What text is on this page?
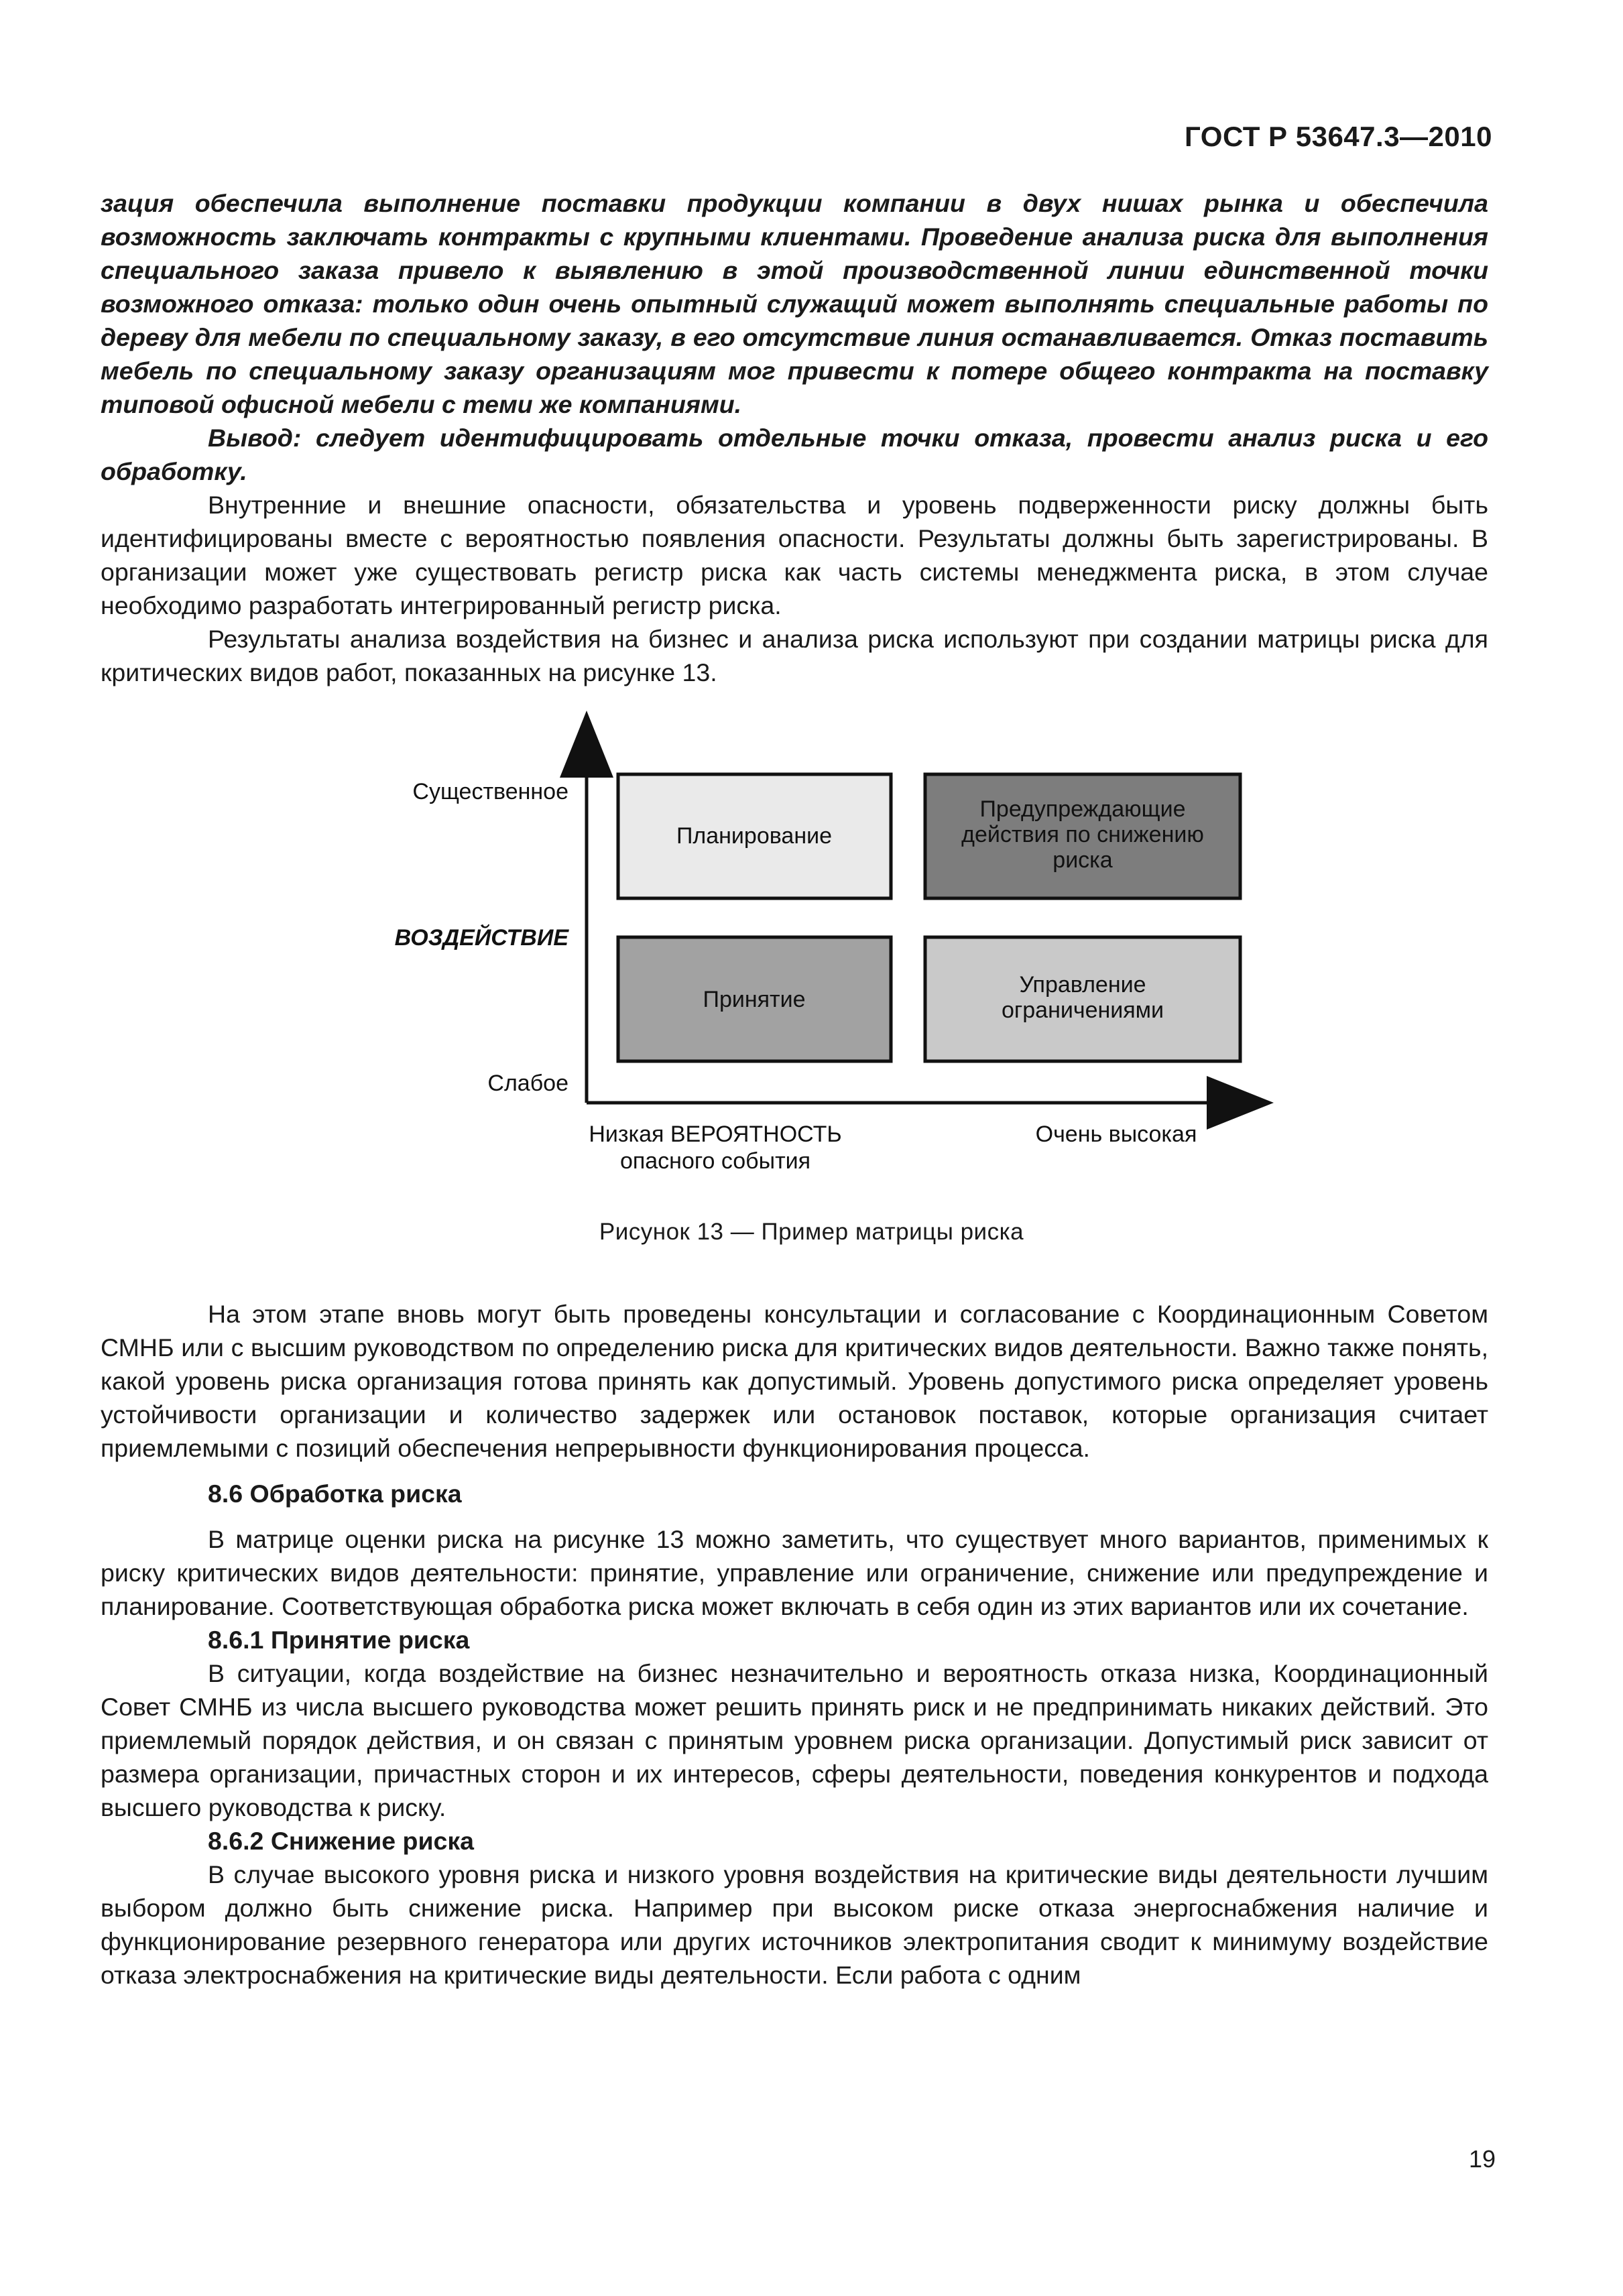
ГОСТ Р 53647.3—2010

зация обеспечила выполнение поставки продукции компании в двух нишах рынка и обеспечила возможность заключать контракты с крупными клиентами. Проведение анализа риска для выполнения специального заказа привело к выявлению в этой производственной линии единственной точки возможного отказа: только один очень опытный служащий может выполнять специальные работы по дереву для мебели по специальному заказу, в его отсутствие линия останавливается. Отказ поставить мебель по специальному заказу организациям мог привести к потере общего контракта на поставку типовой офисной мебели с теми же компаниями.

Вывод: следует идентифицировать отдельные точки отказа, провести анализ риска и его обработку.

Внутренние и внешние опасности, обязательства и уровень подверженности риску должны быть идентифицированы вместе с вероятностью появления опасности. Результаты должны быть зарегистрированы. В организации может уже существовать регистр риска как часть системы менеджмента риска, в этом случае необходимо разработать интегрированный регистр риска.

Результаты анализа воздействия на бизнес и анализа риска используют при создании матрицы риска для критических видов работ, показанных на рисунке 13.

Планирование
Предупреждающие
действия по снижению
риска
Принятие
Управление
ограничениями
Существенное
ВОЗДЕЙСТВИЕ
Слабое
Низкая ВЕРОЯТНОСТЬ
опасного события
Очень высокая
Рисунок 13 — Пример матрицы риска

На этом этапе вновь могут быть проведены консультации и согласование с Координационным Советом СМНБ или с высшим руководством по определению риска для критических видов деятельности. Важно также понять, какой уровень риска организация готова принять как допустимый. Уровень допустимого риска определяет уровень устойчивости организации и количество задержек или остановок поставок, которые организация считает приемлемыми с позиций обеспечения непрерывности функционирования процесса.

8.6 Обработка риска

В матрице оценки риска на рисунке 13 можно заметить, что существует много вариантов, применимых к риску критических видов деятельности: принятие, управление или ограничение, снижение или предупреждение и планирование. Соответствующая обработка риска может включать в себя один из этих вариантов или их сочетание.

8.6.1 Принятие риска

В ситуации, когда воздействие на бизнес незначительно и вероятность отказа низка, Координационный Совет СМНБ из числа высшего руководства может решить принять риск и не предпринимать никаких действий. Это приемлемый порядок действия, и он связан с принятым уровнем риска организации. Допустимый риск зависит от размера организации, причастных сторон и их интересов, сферы деятельности, поведения конкурентов и подхода высшего руководства к риску.

8.6.2 Снижение риска

В случае высокого уровня риска и низкого уровня воздействия на критические виды деятельности лучшим выбором должно быть снижение риска. Например при высоком риске отказа энергоснабжения наличие и функционирование резервного генератора или других источников электропитания сводит к минимуму воздействие отказа электроснабжения на критические виды деятельности. Если работа с одним

19
